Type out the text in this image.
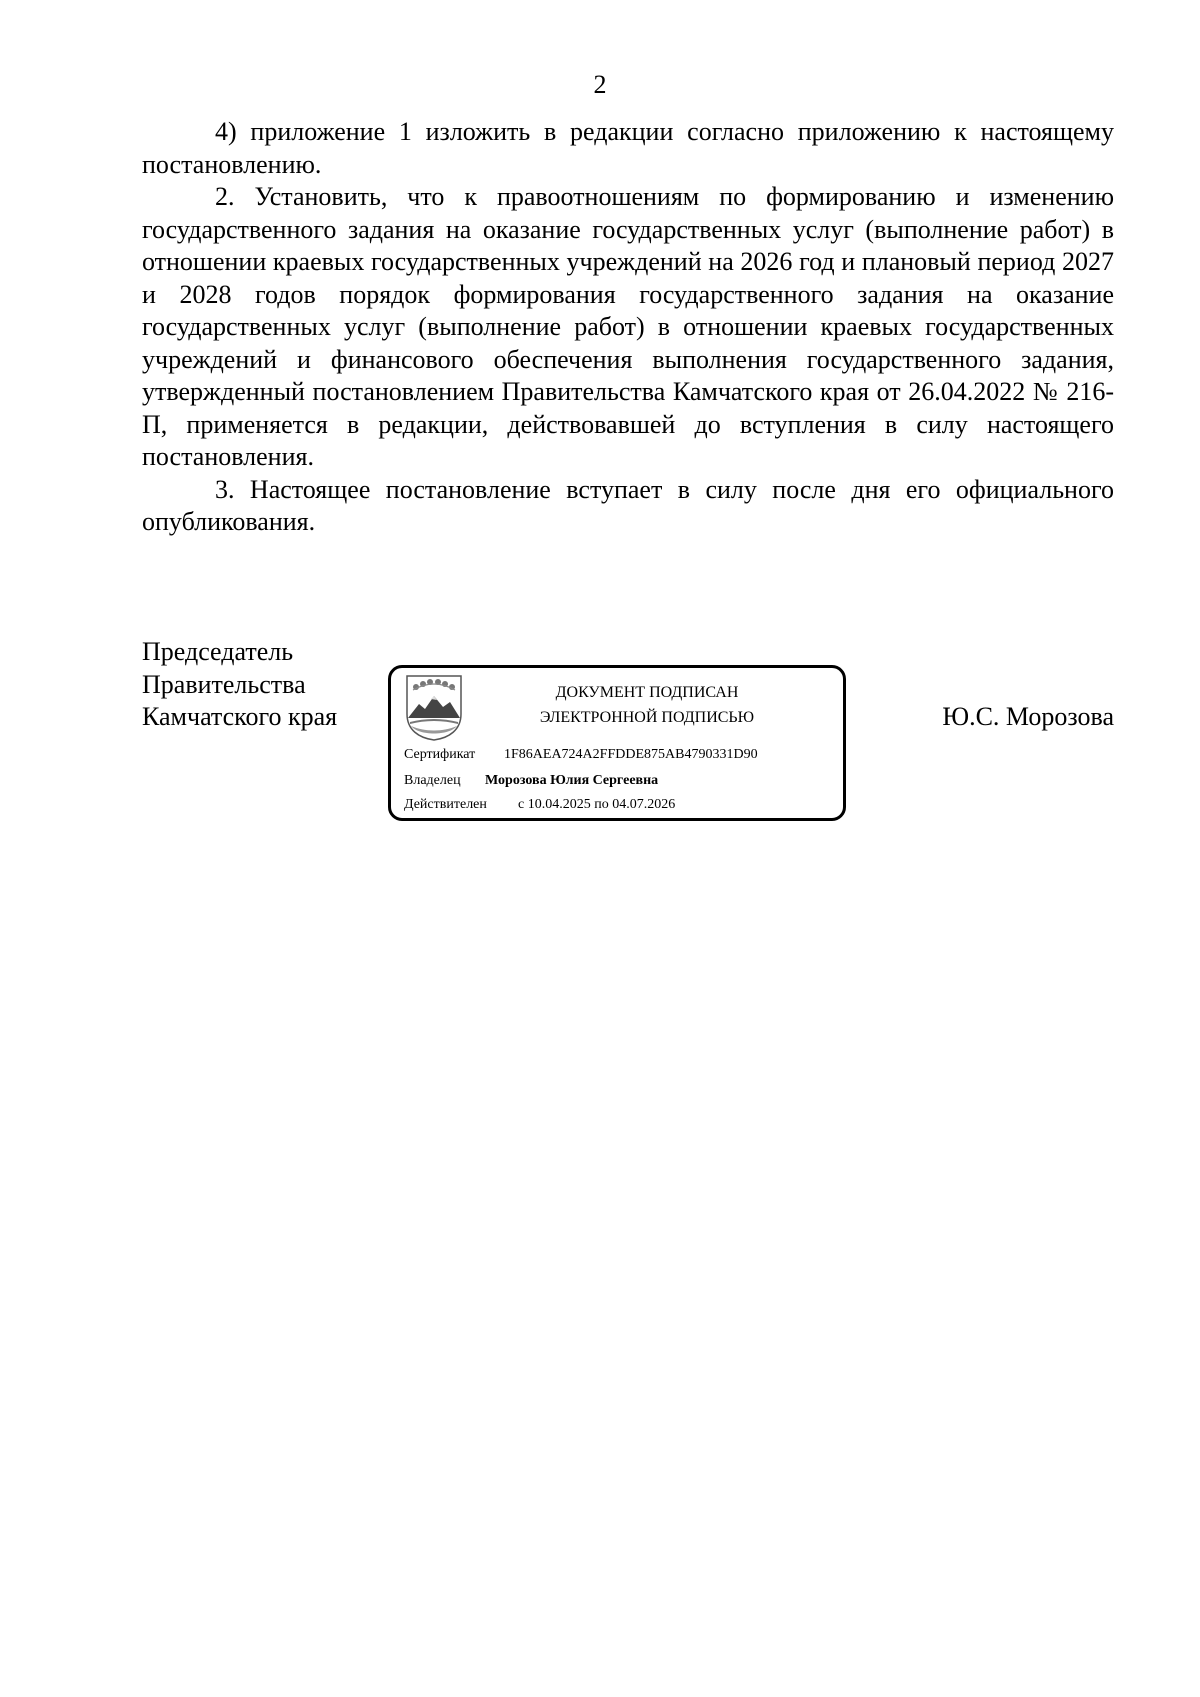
2

4) приложение 1 изложить в редакции согласно приложению к настоящему постановлению.

2. Установить, что к правоотношениям по формированию и изменению государственного задания на оказание государственных услуг (выполнение работ) в отношении краевых государственных учреждений на 2026 год и плановый период 2027 и 2028 годов порядок формирования государственного задания на оказание государственных услуг (выполнение работ) в отношении краевых государственных учреждений и финансового обеспечения выполнения государственного задания, утвержденный постановлением Правительства Камчатского края от 26.04.2022 № 216-П, применяется в редакции, действовавшей до вступления в силу настоящего постановления.

3. Настоящее постановление вступает в силу после дня его официального опубликования.

Председатель
Правительства
Камчатского края
ДОКУМЕНТ ПОДПИСАН
ЭЛЕКТРОННОЙ ПОДПИСЬЮ
Сертификат 1F86AEA724A2FFDDE875AB4790331D90
Владелец Морозова Юлия Сергеевна
Действителен с 10.04.2025 по 04.07.2026
Ю.С. Морозова
